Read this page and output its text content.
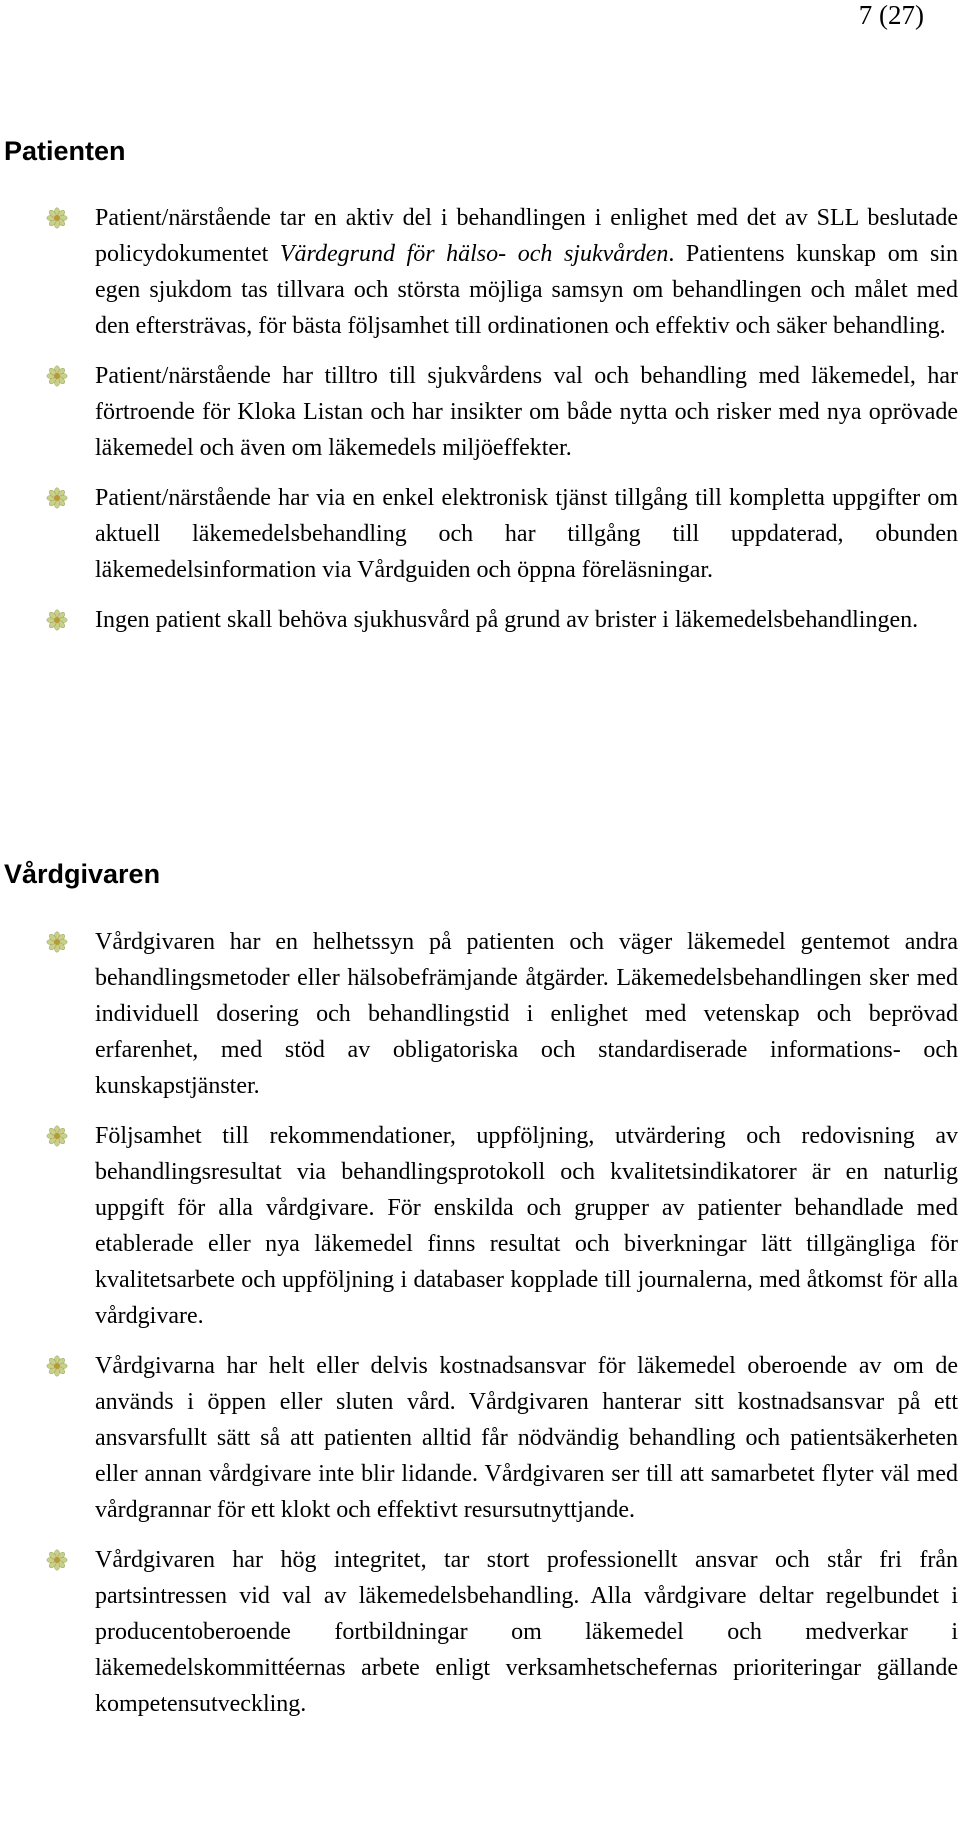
7 (27)
Patienten
Patient/närstående tar en aktiv del i behandlingen i enlighet med det av SLL beslutade policydokumentet Värdegrund för hälso- och sjukvården. Patientens kunskap om sin egen sjukdom tas tillvara och största möjliga samsyn om behandlingen och målet med den eftersträvas, för bästa följsamhet till ordinationen och effektiv och säker behandling.
Patient/närstående har tilltro till sjukvårdens val och behandling med läkemedel, har förtroende för Kloka Listan och har insikter om både nytta och risker med nya oprövade läkemedel och även om läkemedels miljöeffekter.
Patient/närstående har via en enkel elektronisk tjänst tillgång till kompletta uppgifter om aktuell läkemedelsbehandling och har tillgång till uppdaterad, obunden läkemedelsinformation via Vårdguiden och öppna föreläsningar.
Ingen patient skall behöva sjukhusvård på grund av brister i läkemedelsbehandlingen.
Vårdgivaren
Vårdgivaren har en helhetssyn på patienten och väger läkemedel gentemot andra behandlingsmetoder eller hälsobefrämjande åtgärder. Läkemedelsbehandlingen sker med individuell dosering och behandlingstid i enlighet med vetenskap och beprövad erfarenhet, med stöd av obligatoriska och standardiserade informations- och kunskapstjänster.
Följsamhet till rekommendationer, uppföljning, utvärdering och redovisning av behandlingsresultat via behandlingsprotokoll och kvalitetsindikatorer är en naturlig uppgift för alla vårdgivare. För enskilda och grupper av patienter behandlade med etablerade eller nya läkemedel finns resultat och biverkningar lätt tillgängliga för kvalitetsarbete och uppföljning i databaser kopplade till journalerna, med åtkomst för alla vårdgivare.
Vårdgivarna har helt eller delvis kostnadsansvar för läkemedel oberoende av om de används i öppen eller sluten vård. Vårdgivaren hanterar sitt kostnadsansvar på ett ansvarsfullt sätt så att patienten alltid får nödvändig behandling och patientsäkerheten eller annan vårdgivare inte blir lidande. Vårdgivaren ser till att samarbetet flyter väl med vårdgrannar för ett klokt och effektivt resursutnyttjande.
Vårdgivaren har hög integritet, tar stort professionellt ansvar och står fri från partsintressen vid val av läkemedelsbehandling. Alla vårdgivare deltar regelbundet i producentoberoende fortbildningar om läkemedel och medverkar i läkemedelskommittéernas arbete enligt verksamhetschefernas prioriteringar gällande kompetensutveckling.
